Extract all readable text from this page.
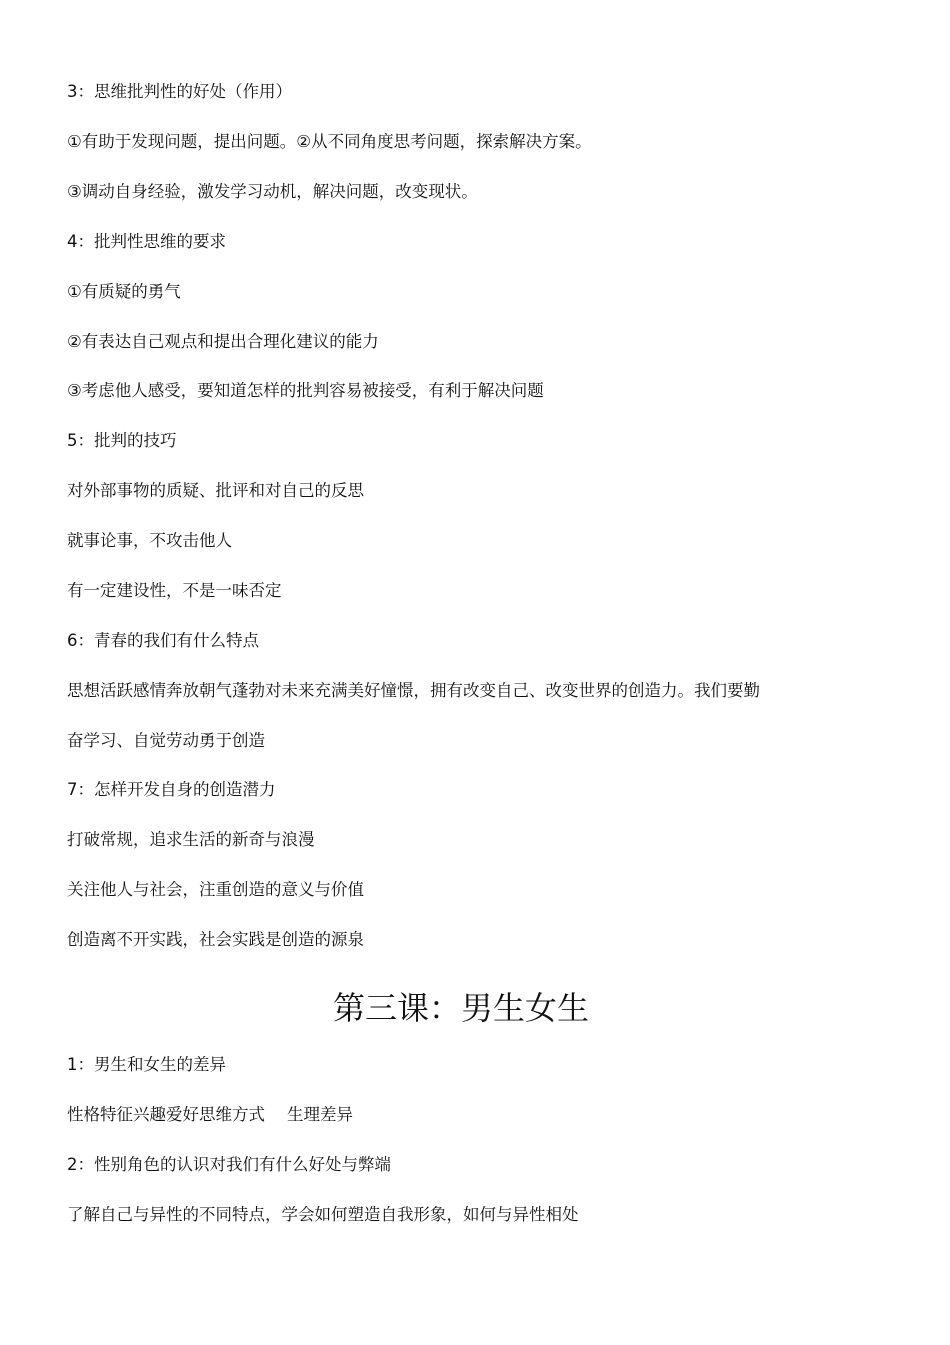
3：思维批判性的好处（作用）
①有助于发现问题，提出问题。②从不同角度思考问题，探索解决方案。
③调动自身经验，激发学习动机，解决问题，改变现状。
4：批判性思维的要求
①有质疑的勇气
②有表达自己观点和提出合理化建议的能力
③考虑他人感受，要知道怎样的批判容易被接受，有利于解决问题
5：批判的技巧
对外部事物的质疑、批评和对自己的反思
就事论事，不攻击他人
有一定建设性，不是一味否定
6：青春的我们有什么特点
思想活跃感情奔放朝气蓬勃对未来充满美好憧憬，拥有改变自己、改变世界的创造力。我们要勤
奋学习、自觉劳动勇于创造
7：怎样开发自身的创造潜力
打破常规，追求生活的新奇与浪漫
关注他人与社会，注重创造的意义与价值
创造离不开实践，社会实践是创造的源泉
第三课：男生女生
1：男生和女生的差异
性格特征兴趣爱好思维方式 生理差异
2：性别角色的认识对我们有什么好处与弊端
了解自己与异性的不同特点，学会如何塑造自我形象，如何与异性相处
